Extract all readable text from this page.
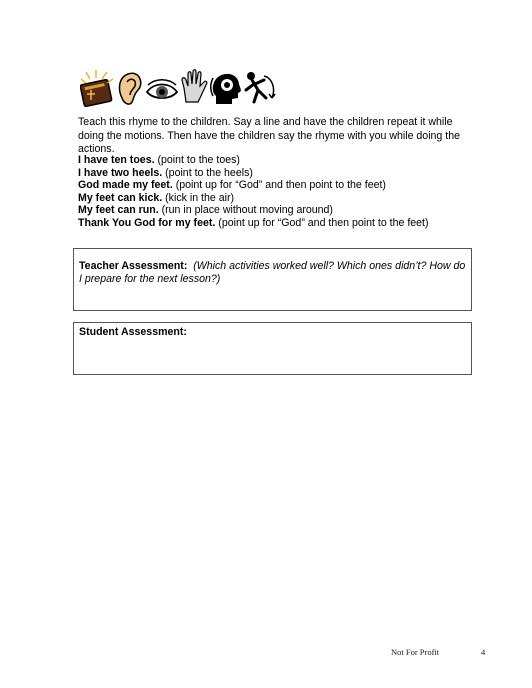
Teach this rhyme to the children. Say a line and have the children repeat it while doing the motions. Then have the children say the rhyme with you while doing the actions.

I have ten toes. (point to the toes)
I have two heels. (point to the heels)
God made my feet. (point up for “God” and then point to the feet)
My feet can kick. (kick in the air)
My feet can run. (run in place without moving around)
Thank You God for my feet. (point up for “God” and then point to the feet)
Teacher Assessment: (Which activities worked well? Which ones didn’t? How do I prepare for the next lesson?)
Student Assessment:
Not For Profit	4
